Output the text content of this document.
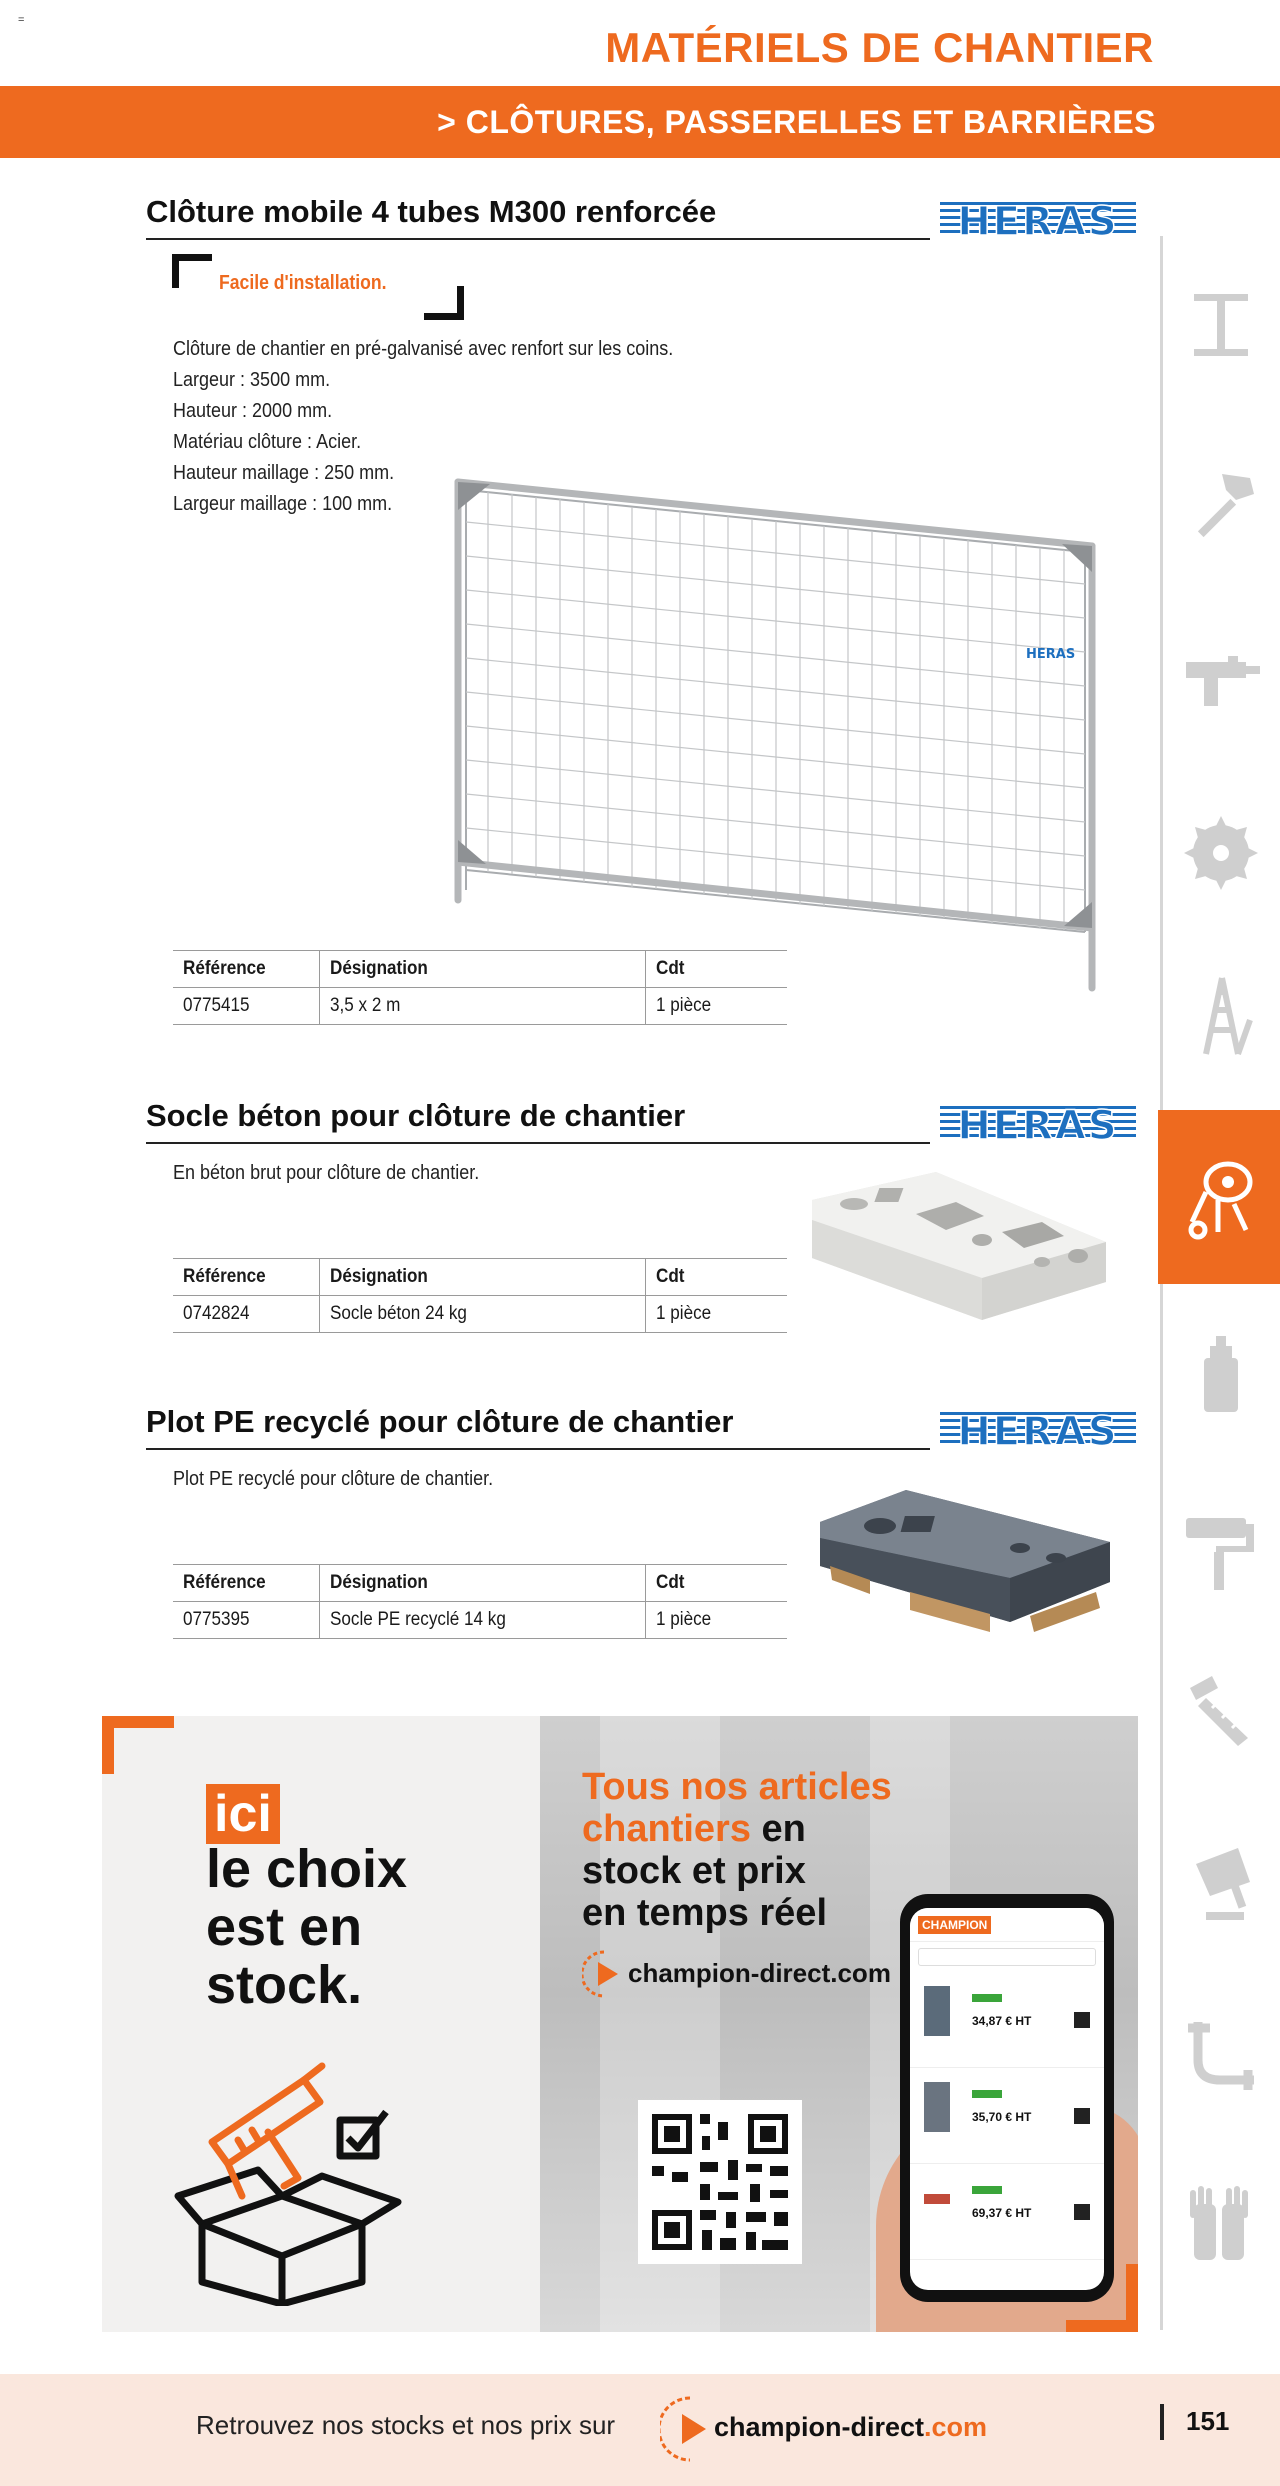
=
MATÉRIELS DE CHANTIER
> CLÔTURES, PASSERELLES ET BARRIÈRES
Clôture mobile 4 tubes M300 renforcée	HERAS
Facile d'installation.
Clôture de chantier en pré-galvanisé avec renfort sur les coins.
Largeur : 3500 mm.
Hauteur : 2000 mm.
Matériau clôture : Acier.
Hauteur maillage : 250 mm.
Largeur maillage : 100 mm.
HERAS
Référence	Désignation	Cdt
0775415	3,5 x 2 m	1 pièce
Socle béton pour clôture de chantier	HERAS
En béton brut pour clôture de chantier.
Référence	Désignation	Cdt
0742824	Socle béton 24 kg	1 pièce
Plot PE recyclé pour clôture de chantier	HERAS
Plot PE recyclé pour clôture de chantier.
Référence	Désignation	Cdt
0775395	Socle PE recyclé 14 kg	1 pièce
ici
le choix
est en
stock.
Tous nos articles
chantiers en
stock et prix
en temps réel
champion-direct.com
CHAMPION
34,87 € HT
35,70 € HT
69,37 € HT
Retrouvez nos stocks et nos prix sur	champion-direct.com	151
